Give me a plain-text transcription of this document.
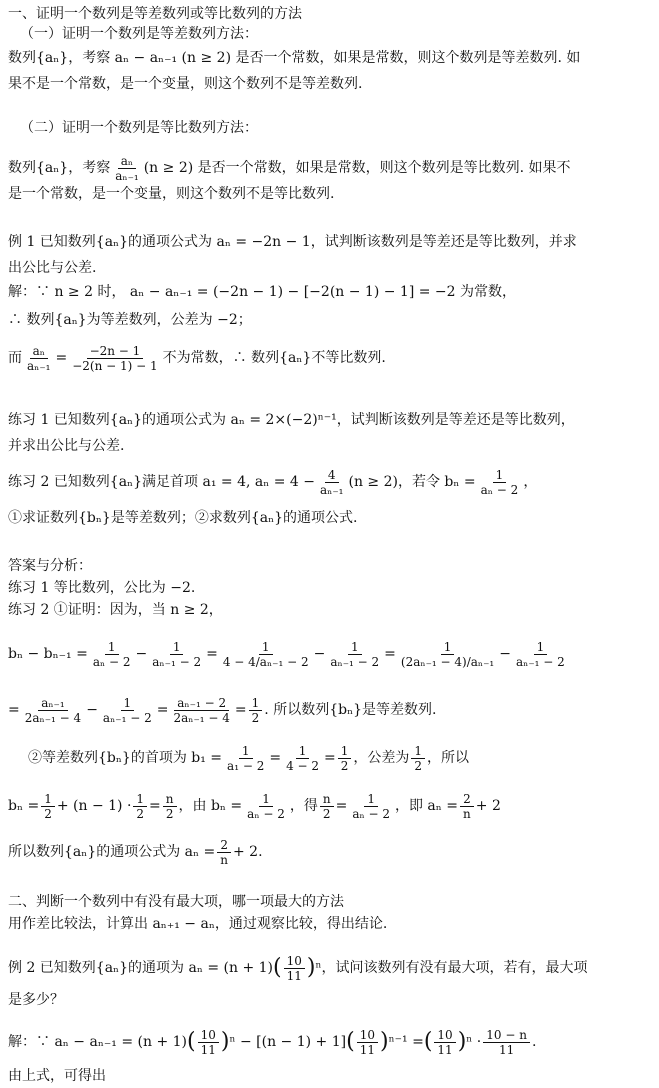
一、证明一个数列是等差数列或等比数列的方法
（一）证明一个数列是等差数列方法：
数列{aₙ}，考察 aₙ − aₙ₋₁ (n ≥ 2) 是否一个常数，如果是常数，则这个数列是等差数列. 如
果不是一个常数，是一个变量，则这个数列不是等差数列.
（二）证明一个数列是等比数列方法：
数列{aₙ}，考察 $\frac{\text{aₙ}}{\text{aₙ₋₁}} (n \ge 2)$ 是否一个常数，如果是常数，则这个数列是等比数列. 如果不
是一个常数，是一个变量，则这个数列不是等比数列.
例 1 已知数列{aₙ}的通项公式为 aₙ = −2n − 1，试判断该数列是等差还是等比数列，并求
出公比与公差.
解：∵ n ≥ 2 时， aₙ − aₙ₋₁ = (−2n − 1) − [−2(n − 1) − 1] = −2 为常数，
∴ 数列{aₙ}为等差数列，公差为 −2；
而 $\frac{\text{aₙ}}{\text{aₙ₋₁}} = \frac{-2n - 1}{-2(n - 1) - 1}$ 不为常数，∴ 数列{aₙ}不等比数列.
练习 1 已知数列{aₙ}的通项公式为 aₙ = 2×(−2)ⁿ⁻¹，试判断该数列是等差还是等比数列，
并求出公比与公差.
练习 2 已知数列{aₙ}满足首项 a₁ = 4, $a_n = 4 - \frac{4}{\text{aₙ₋₁}} (n \ge 2)$，若令 $b_n = \frac{1}{\text{aₙ − 2}}$ ，
①求证数列{bₙ}是等差数列；②求数列{aₙ}的通项公式.
答案与分析：
练习 1 等比数列，公比为 −2.
练习 2 ①证明：因为，当 n ≥ 2，
$b_n - b_{n-1} = \frac{1}{\text{aₙ − 2}} - \frac{1}{\text{aₙ₋₁ − 2}} = \frac{1}{\text{4 − 4/aₙ₋₁ − 2}} - \frac{1}{\text{aₙ₋₁ − 2}} = \frac{1}{\text{(2aₙ₋₁ − 4)/aₙ₋₁}} - \frac{1}{\text{aₙ₋₁ − 2}}$
= $\frac{\text{aₙ₋₁}}{\text{2aₙ₋₁ − 4}} - \frac{1}{\text{aₙ₋₁ − 2}} = \frac{\text{aₙ₋₁ − 2}}{\text{2aₙ₋₁ − 4}} = \frac{1}{2}$ . 所以数列{bₙ}是等差数列.
②等差数列{bₙ}的首项为 $b_1 = \frac{1}{\text{a₁ − 2}} = \frac{1}{4 - 2} = \frac{1}{2}$ ，公差为 $\frac{1}{2}$ ，所以
$b_n = \frac{1}{2} + (n - 1) \cdot \frac{1}{2} = \frac{n}{2}$ ，由 $b_n = \frac{1}{\text{aₙ − 2}}$ ，得 $\frac{n}{2} = \frac{1}{\text{aₙ − 2}}$ ，即 $a_n = \frac{2}{n} + 2$
所以数列{aₙ}的通项公式为 $a_n = \frac{2}{n} + 2$.
二、判断一个数列中有没有最大项，哪一项最大的方法
用作差比较法，计算出 aₙ₊₁ − aₙ，通过观察比较，得出结论.
例 2 已知数列{aₙ}的通项为 aₙ = (n + 1) ( $\frac{10}{11}$ ) ⁿ，试问该数列有没有最大项，若有，最大项
是多少？
解：∵ aₙ − aₙ₋₁ = (n + 1) ( $\frac{10}{11}$ ) ⁿ − [(n − 1) + 1] ( $\frac{10}{11}$ ) ⁿ⁻¹ = ( $\frac{10}{11}$ ) $^n \cdot \frac{10 - n}{11}$ .
由上式，可得出
